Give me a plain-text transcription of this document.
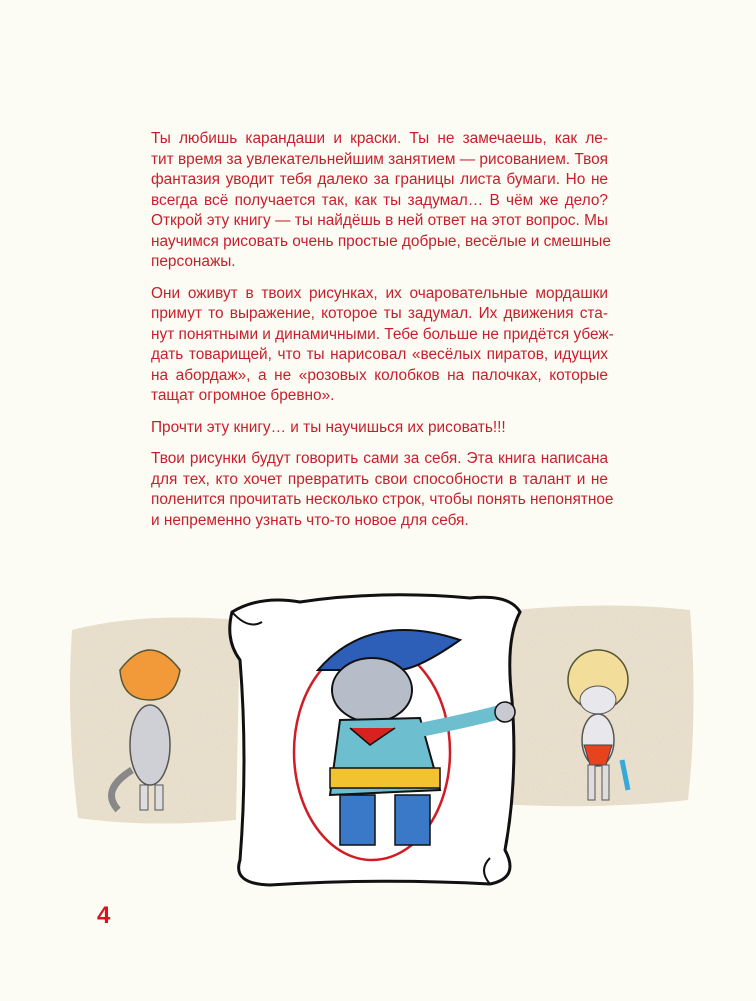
Ты любишь карандаши и краски. Ты не замечаешь, как ле-
тит время за увлекательнейшим занятием — рисованием. Твоя
фантазия уводит тебя далеко за границы листа бумаги. Но не
всегда всё получается так, как ты задумал… В чём же дело?
Открой эту книгу — ты найдёшь в ней ответ на этот вопрос. Мы
научимся рисовать очень простые добрые, весёлые и смешные
персонажы.

Они оживут в твоих рисунках, их очаровательные мордашки
примут то выражение, которое ты задумал. Их движения ста-
нут понятными и динамичными. Тебе больше не придётся убеж-
дать товарищей, что ты нарисовал «весёлых пиратов, идущих
на абордаж», а не «розовых колобков на палочках, которые
тащат огромное бревно».

Прочти эту книгу… и ты научишься их рисовать!!!

Твои рисунки будут говорить сами за себя. Эта книга написана
для тех, кто хочет превратить свои способности в талант и не
поленится прочитать несколько строк, чтобы понять непонятное
и непременно узнать что-то новое для себя.

4
